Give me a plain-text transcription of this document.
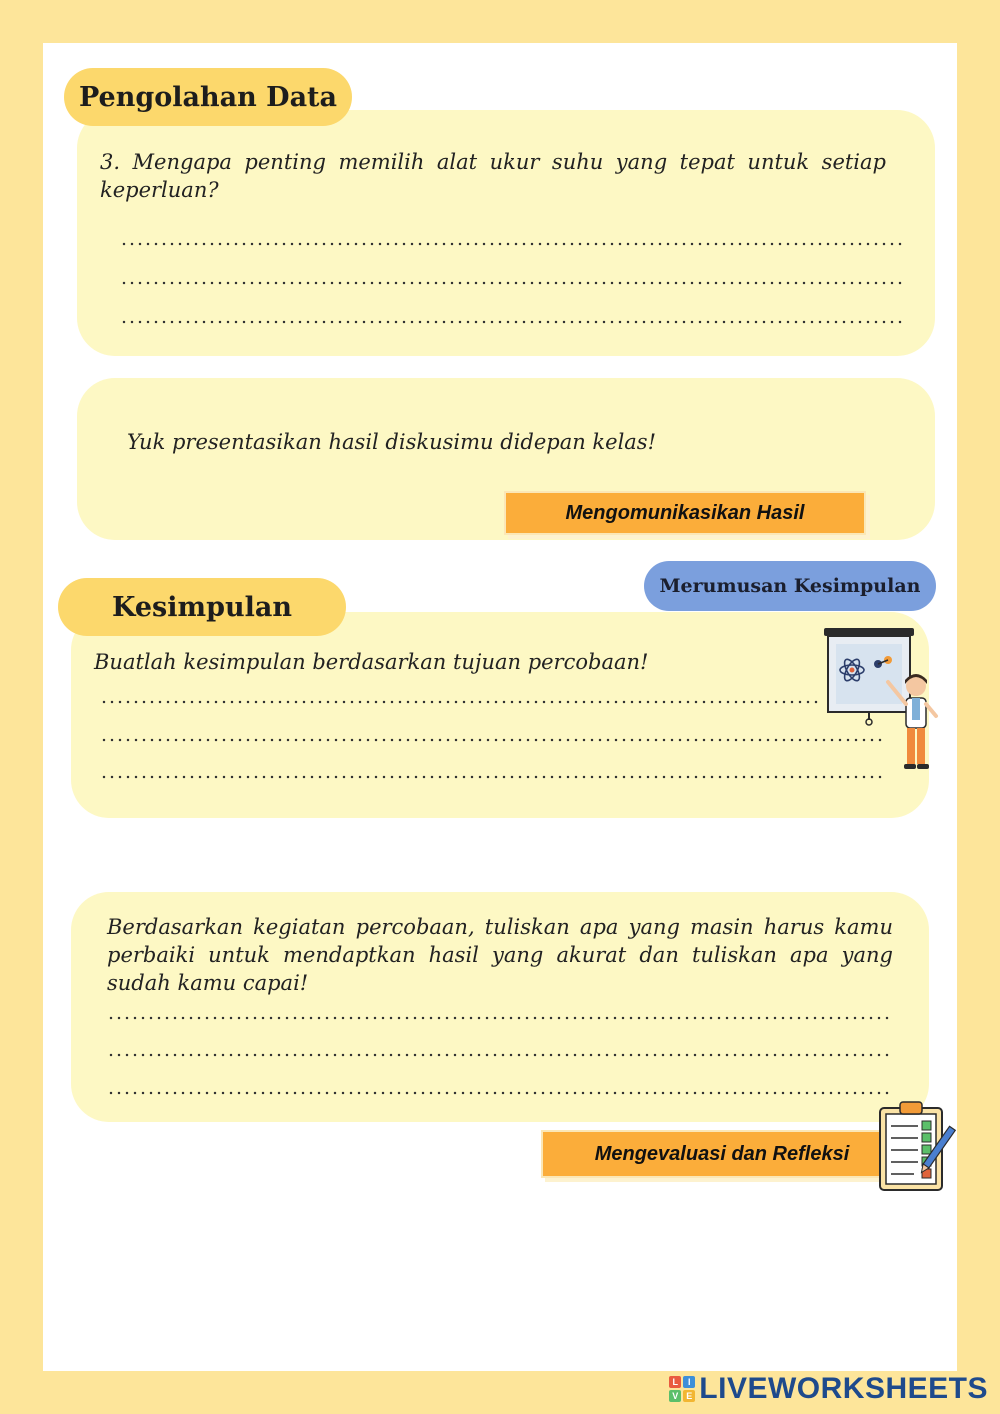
Pengolahan Data
3. Mengapa penting memilih alat ukur suhu yang tepat untuk setiap keperluan?
Yuk presentasikan hasil diskusimu didepan kelas!
Mengomunikasikan Hasil
Kesimpulan
Merumusan Kesimpulan
Buatlah kesimpulan berdasarkan tujuan percobaan!
Berdasarkan kegiatan percobaan, tuliskan apa yang masin harus kamu perbaiki untuk mendaptkan hasil yang akurat dan tuliskan apa yang sudah kamu capai!
Mengevaluasi dan Refleksi
L	I
V E LIVEWORKSHEETS
